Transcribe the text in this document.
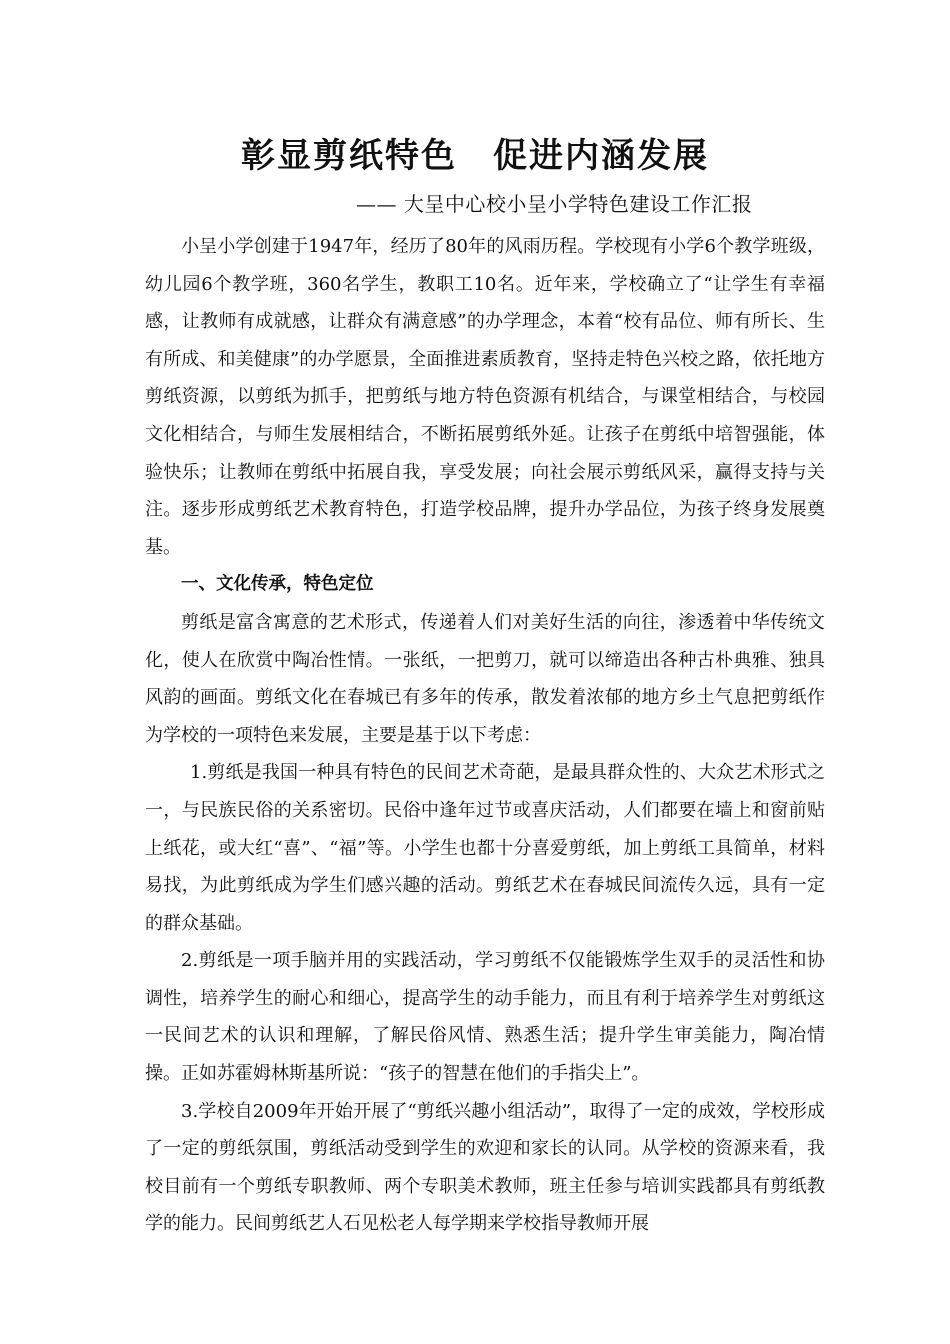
彰显剪纸特色　促进内涵发展
—— 大呈中心校小呈小学特色建设工作汇报

小呈小学创建于1947年，经历了80年的风雨历程。学校现有小学6个教学班级，幼儿园6个教学班，360名学生，教职工10名。近年来，学校确立了“让学生有幸福感，让教师有成就感，让群众有满意感”的办学理念，本着“校有品位、师有所长、生有所成、和美健康”的办学愿景，全面推进素质教育，坚持走特色兴校之路，依托地方剪纸资源，以剪纸为抓手，把剪纸与地方特色资源有机结合，与课堂相结合，与校园文化相结合，与师生发展相结合，不断拓展剪纸外延。让孩子在剪纸中培智强能，体验快乐；让教师在剪纸中拓展自我，享受发展；向社会展示剪纸风采，赢得支持与关注。逐步形成剪纸艺术教育特色，打造学校品牌，提升办学品位，为孩子终身发展奠基。

一、文化传承，特色定位

剪纸是富含寓意的艺术形式，传递着人们对美好生活的向往，渗透着中华传统文化，使人在欣赏中陶冶性情。一张纸，一把剪刀，就可以缔造出各种古朴典雅、独具风韵的画面。剪纸文化在春城已有多年的传承，散发着浓郁的地方乡土气息把剪纸作为学校的一项特色来发展，主要是基于以下考虑：

1.剪纸是我国一种具有特色的民间艺术奇葩，是最具群众性的、大众艺术形式之一，与民族民俗的关系密切。民俗中逢年过节或喜庆活动，人们都要在墙上和窗前贴上纸花，或大红“喜”、“福”等。小学生也都十分喜爱剪纸，加上剪纸工具简单，材料易找，为此剪纸成为学生们感兴趣的活动。剪纸艺术在春城民间流传久远，具有一定的群众基础。

2.剪纸是一项手脑并用的实践活动，学习剪纸不仅能锻炼学生双手的灵活性和协调性，培养学生的耐心和细心，提高学生的动手能力，而且有利于培养学生对剪纸这一民间艺术的认识和理解，了解民俗风情、熟悉生活；提升学生审美能力，陶冶情操。正如苏霍姆林斯基所说：“孩子的智慧在他们的手指尖上”。

3.学校自2009年开始开展了“剪纸兴趣小组活动”，取得了一定的成效，学校形成了一定的剪纸氛围，剪纸活动受到学生的欢迎和家长的认同。从学校的资源来看，我校目前有一个剪纸专职教师、两个专职美术教师，班主任参与培训实践都具有剪纸教学的能力。民间剪纸艺人石见松老人每学期来学校指导教师开展
